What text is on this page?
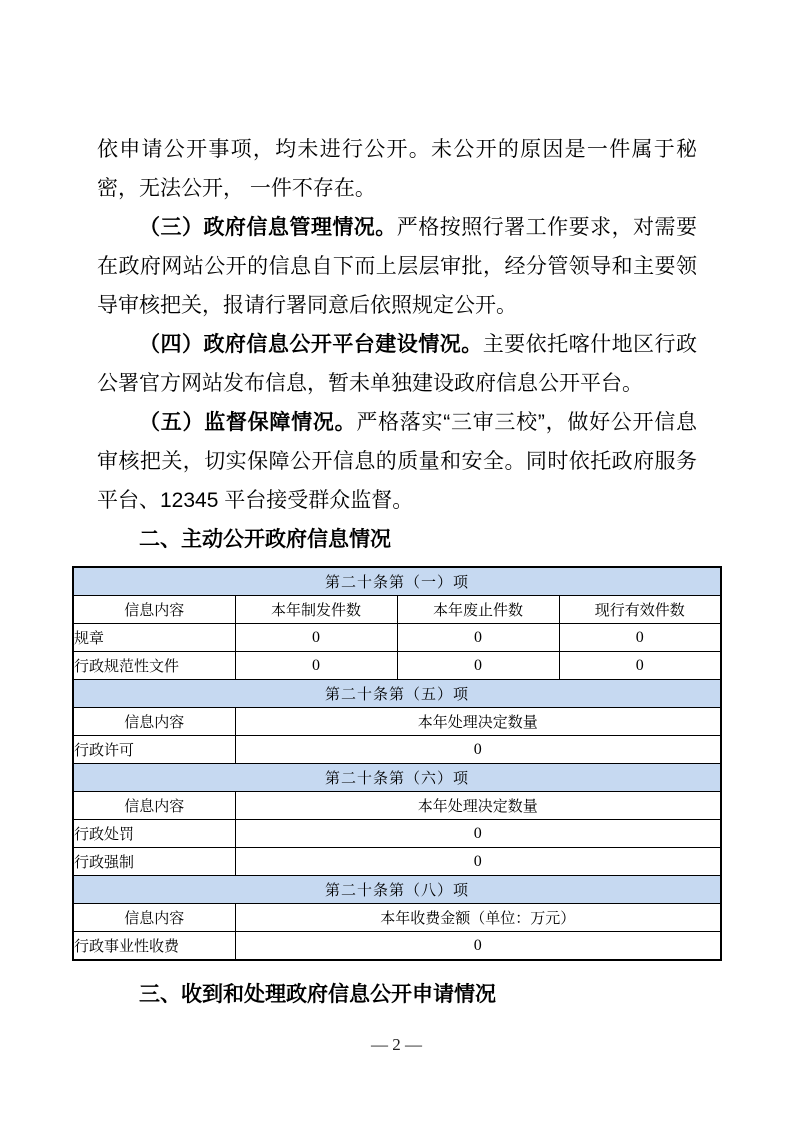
依申请公开事项，均未进行公开。未公开的原因是一件属于秘密，无法公开， 一件不存在。

（三）政府信息管理情况。严格按照行署工作要求，对需要在政府网站公开的信息自下而上层层审批，经分管领导和主要领导审核把关，报请行署同意后依照规定公开。

（四）政府信息公开平台建设情况。主要依托喀什地区行政公署官方网站发布信息，暂未单独建设政府信息公开平台。

（五）监督保障情况。严格落实“三审三校”，做好公开信息审核把关，切实保障公开信息的质量和安全。同时依托政府服务平台、12345 平台接受群众监督。

二、主动公开政府信息情况
第二十条第（一）项			
信息内容	本年制发件数	本年废止件数	现行有效件数
规章	0	0	0
行政规范性文件	0	0	0
第二十条第（五）项			
信息内容	本年处理决定数量		
行政许可	0		
第二十条第（六）项			
信息内容	本年处理决定数量		
行政处罚	0		
行政强制	0		
第二十条第（八）项			
信息内容	本年收费金额（单位：万元）		
行政事业性收费	0		
三、收到和处理政府信息公开申请情况
— 2 —
